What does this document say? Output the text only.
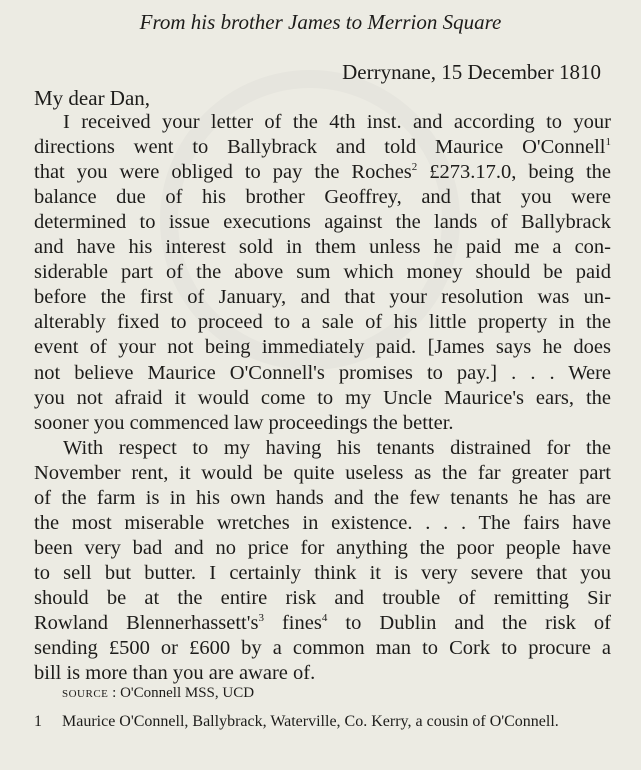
From his brother James to Merrion Square
Derrynane, 15 December 1810
My dear Dan,
I received your letter of the 4th inst. and according to your
directions went to Ballybrack and told Maurice O'Connell$^1$
that you were obliged to pay the Roches$^2$ £273.17.0, being the
balance due of his brother Geoffrey, and that you were
determined to issue executions against the lands of Ballybrack
and have his interest sold in them unless he paid me a con-
siderable part of the above sum which money should be paid
before the first of January, and that your resolution was un-
alterably fixed to proceed to a sale of his little property in the
event of your not being immediately paid. [James says he does
not believe Maurice O'Connell's promises to pay.] . . . Were
you not afraid it would come to my Uncle Maurice's ears, the
sooner you commenced law proceedings the better.
With respect to my having his tenants distrained for the
November rent, it would be quite useless as the far greater part
of the farm is in his own hands and the few tenants he has are
the most miserable wretches in existence. . . . The fairs have
been very bad and no price for anything the poor people have
to sell but butter. I certainly think it is very severe that you
should be at the entire risk and trouble of remitting Sir
Rowland $Blennerhassett's^3$ fines$^4$ to Dublin and the risk of
sending £500 or £600 by a common man to Cork to procure a
bill is more than you are aware of.
source : O'Connell MSS, UCD
1	Maurice O'Connell, Ballybrack, Waterville, Co. Kerry, a cousin of O'Connell.
